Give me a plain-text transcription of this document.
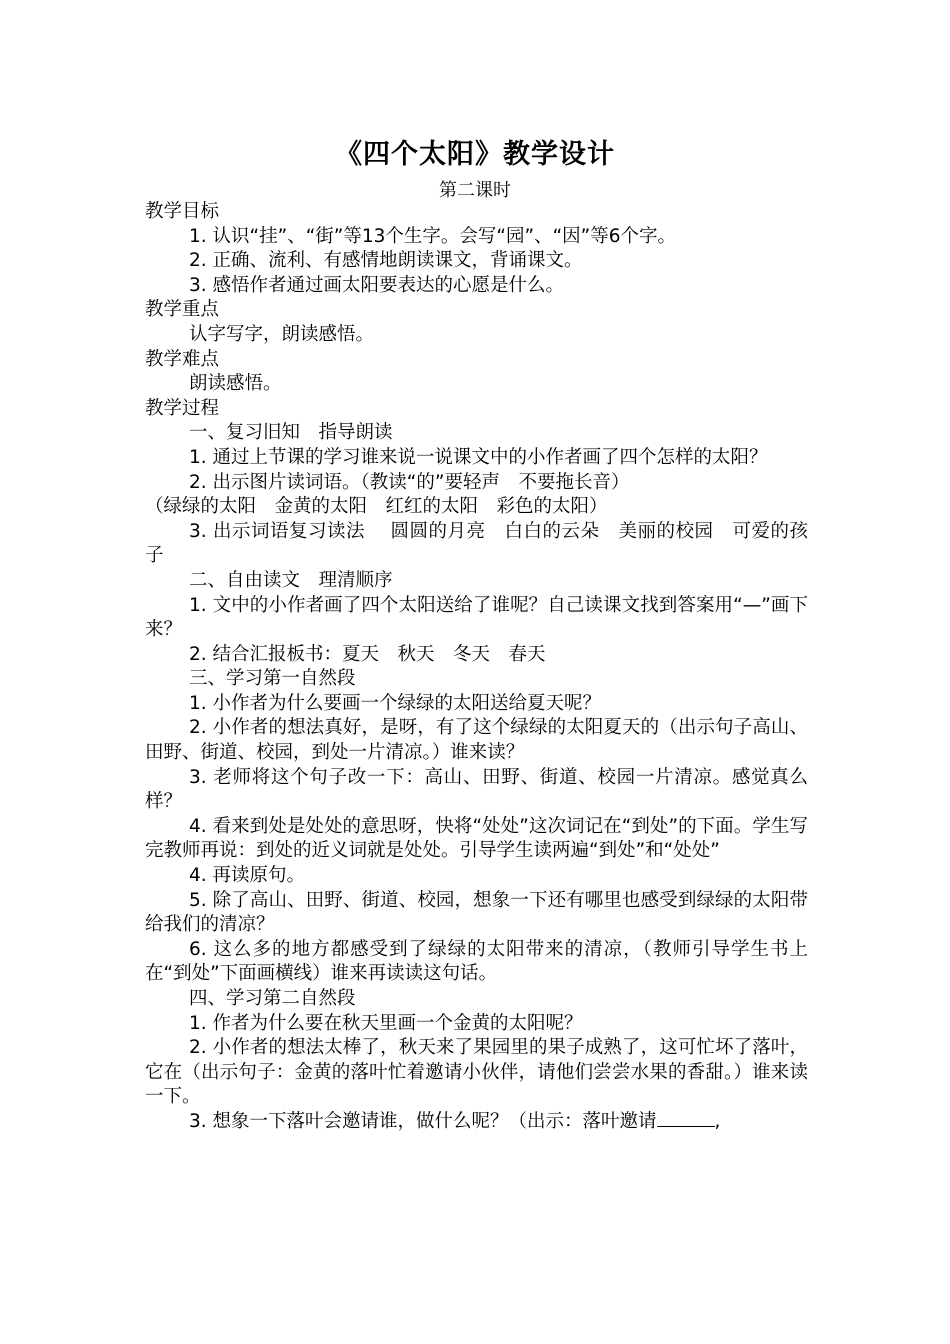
《四个太阳》教学设计
第二课时

教学目标

1. 认识“挂”、“街”等13个生字。会写“园”、“因”等6个字。

2. 正确、流利、有感情地朗读课文，背诵课文。

3. 感悟作者通过画太阳要表达的心愿是什么。

教学重点

认字写字，朗读感悟。

教学难点

朗读感悟。

教学过程

一、复习旧知　指导朗读

1. 通过上节课的学习谁来说一说课文中的小作者画了四个怎样的太阳？

2. 出示图片读词语。（教读“的”要轻声　不要拖长音）

（绿绿的太阳　金黄的太阳　红红的太阳　彩色的太阳）

3. 出示词语复习读法　 圆圆的月亮　白白的云朵　美丽的校园　可爱的孩子

二、自由读文　理清顺序

1. 文中的小作者画了四个太阳送给了谁呢？自己读课文找到答案用“—”画下来？

2. 结合汇报板书：夏天　秋天　冬天　春天

三、学习第一自然段

1. 小作者为什么要画一个绿绿的太阳送给夏天呢？

2. 小作者的想法真好，是呀，有了这个绿绿的太阳夏天的（出示句子高山、田野、街道、校园，到处一片清凉。）谁来读？

3. 老师将这个句子改一下：高山、田野、街道、校园一片清凉。感觉真么样？

4. 看来到处是处处的意思呀，快将“处处”这次词记在“到处”的下面。学生写完教师再说：到处的近义词就是处处。引导学生读两遍“到处”和“处处”

4. 再读原句。

5. 除了高山、田野、街道、校园，想象一下还有哪里也感受到绿绿的太阳带给我们的清凉？

6. 这么多的地方都感受到了绿绿的太阳带来的清凉，（教师引导学生书上在“到处”下面画横线）谁来再读读这句话。

四、学习第二自然段

1. 作者为什么要在秋天里画一个金黄的太阳呢？

2. 小作者的想法太棒了，秋天来了果园里的果子成熟了，这可忙坏了落叶，它在（出示句子：金黄的落叶忙着邀请小伙伴，请他们尝尝水果的香甜。）谁来读一下。

3. 想象一下落叶会邀请谁，做什么呢？（出示：落叶邀请	,
